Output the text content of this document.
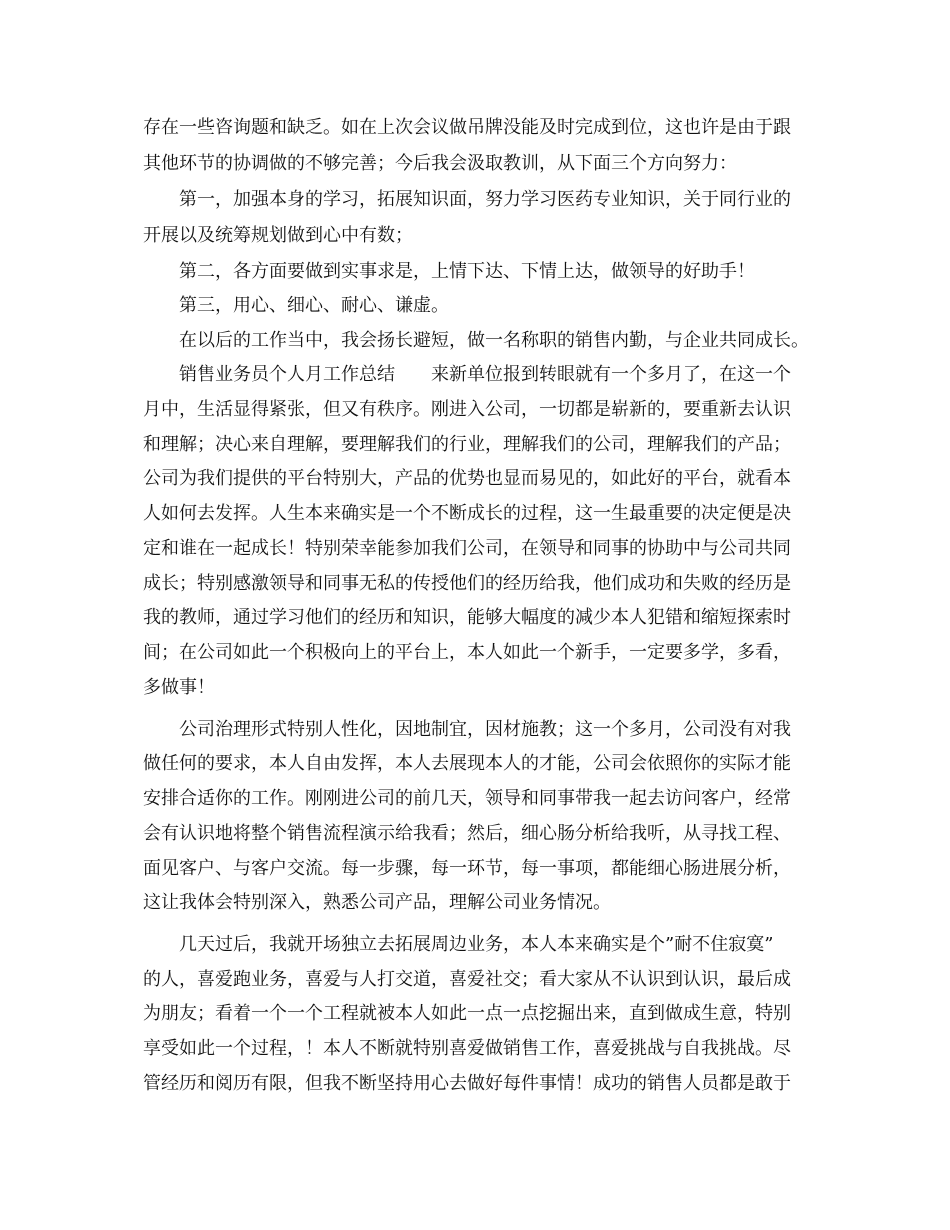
存在一些咨询题和缺乏。如在上次会议做吊牌没能及时完成到位，这也许是由于跟
其他环节的协调做的不够完善；今后我会汲取教训，从下面三个方向努力：
第一，加强本身的学习，拓展知识面，努力学习医药专业知识，关于同行业的
开展以及统筹规划做到心中有数；
第二，各方面要做到实事求是，上情下达、下情上达，做领导的好助手！
第三，用心、细心、耐心、谦虚。
在以后的工作当中，我会扬长避短，做一名称职的销售内勤，与企业共同成长。
销售业务员个人月工作总结 来新单位报到转眼就有一个多月了，在这一个
月中，生活显得紧张，但又有秩序。刚进入公司，一切都是崭新的，要重新去认识
和理解；决心来自理解，要理解我们的行业，理解我们的公司，理解我们的产品；
公司为我们提供的平台特别大，产品的优势也显而易见的，如此好的平台，就看本
人如何去发挥。人生本来确实是一个不断成长的过程，这一生最重要的决定便是决
定和谁在一起成长！特别荣幸能参加我们公司，在领导和同事的协助中与公司共同
成长；特别感激领导和同事无私的传授他们的经历给我，他们成功和失败的经历是
我的教师，通过学习他们的经历和知识，能够大幅度的减少本人犯错和缩短探索时
间；在公司如此一个积极向上的平台上，本人如此一个新手，一定要多学，多看，
多做事！
公司治理形式特别人性化，因地制宜，因材施教；这一个多月，公司没有对我
做任何的要求，本人自由发挥，本人去展现本人的才能，公司会依照你的实际才能
安排合适你的工作。刚刚进公司的前几天，领导和同事带我一起去访问客户，经常
会有认识地将整个销售流程演示给我看；然后，细心肠分析给我听，从寻找工程、
面见客户、与客户交流。每一步骤，每一环节，每一事项，都能细心肠进展分析，
这让我体会特别深入，熟悉公司产品，理解公司业务情况。
几天过后，我就开场独立去拓展周边业务，本人本来确实是个”耐不住寂寞”
的人，喜爱跑业务，喜爱与人打交道，喜爱社交；看大家从不认识到认识，最后成
为朋友；看着一个一个工程就被本人如此一点一点挖掘出来，直到做成生意，特别
享受如此一个过程，！本人不断就特别喜爱做销售工作，喜爱挑战与自我挑战。尽
管经历和阅历有限，但我不断坚持用心去做好每件事情！成功的销售人员都是敢于
